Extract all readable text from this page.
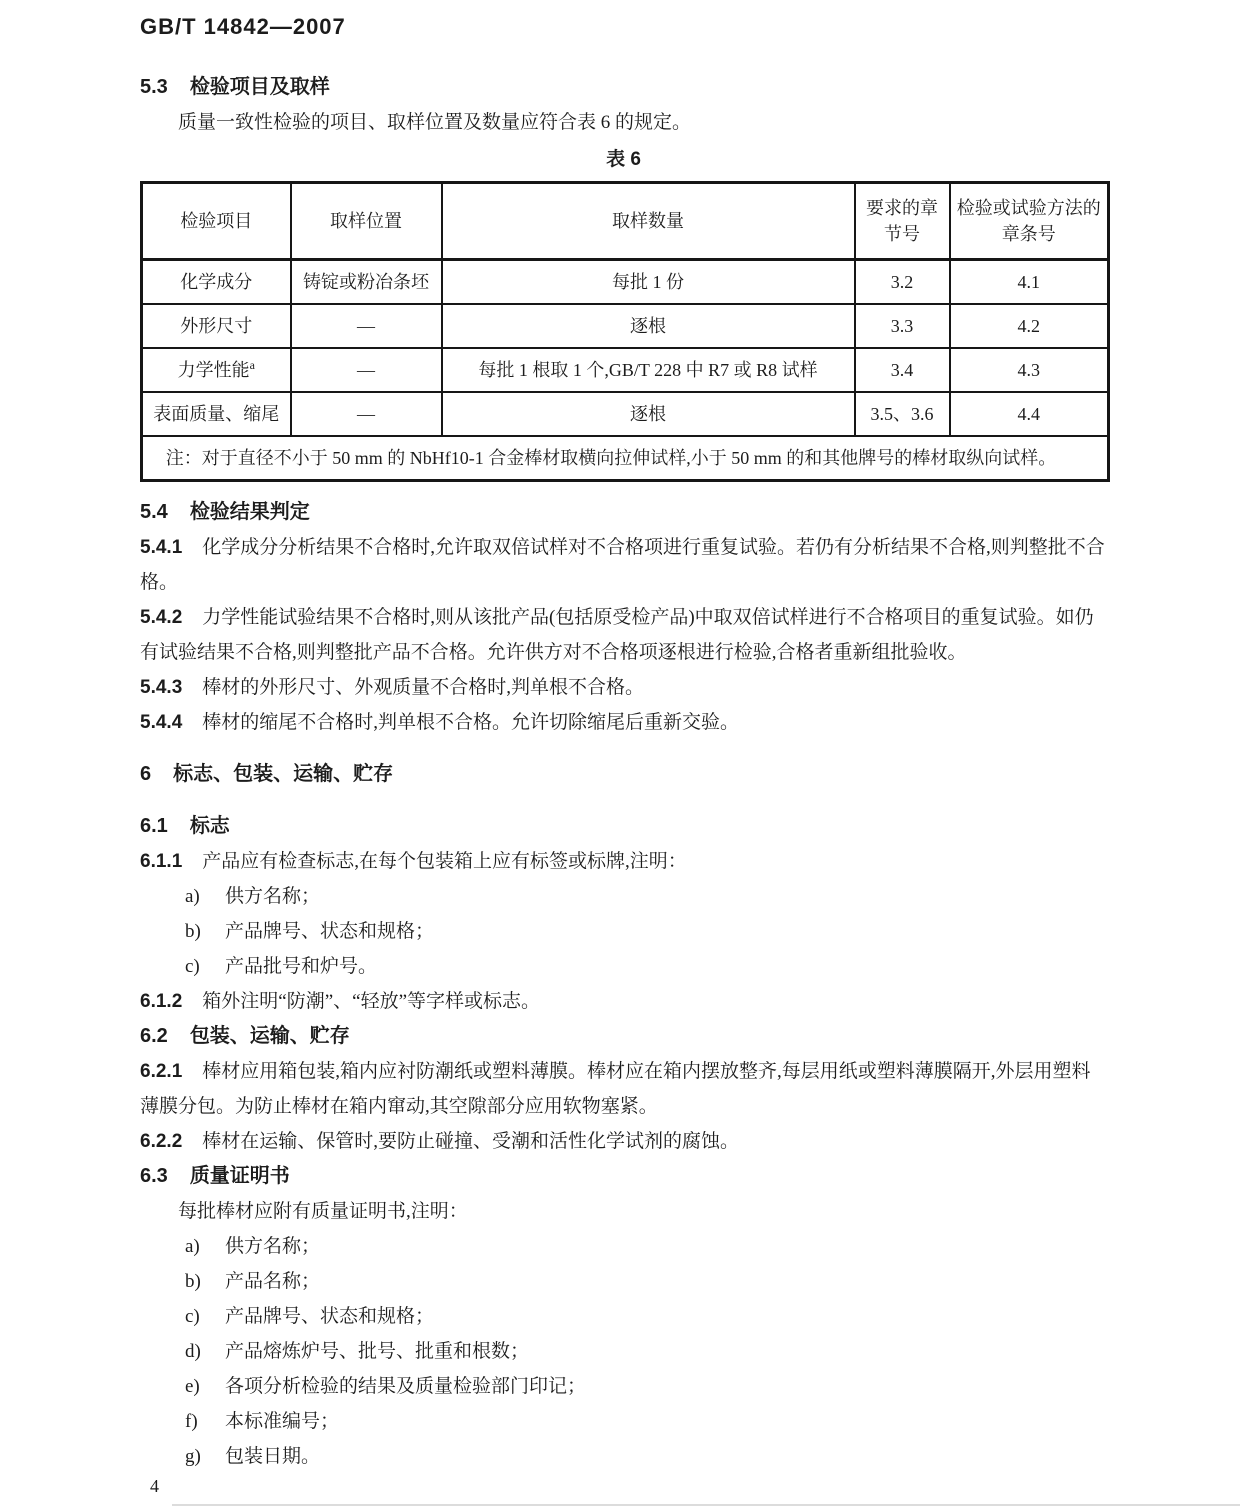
GB/T 14842—2007
5.3 检验项目及取样

质量一致性检验的项目、取样位置及数量应符合表 6 的规定。

表 6
检验项目	取样位置	取样数量	要求的章节号	检验或试验方法的章条号
化学成分	铸锭或粉冶条坯	每批 1 份	3.2	4.1
外形尺寸	—	逐根	3.3	4.2
力学性能$^a$	—	每批 1 根取 1 个,GB/T 228 中 R7 或 R8 试样	3.4	4.3
表面质量、缩尾	—	逐根	3.5、3.6	4.4
注：对于直径不小于 50 mm 的 NbHf10-1 合金棒材取横向拉伸试样,小于 50 mm 的和其他牌号的棒材取纵向试样。				
5.4 检验结果判定

5.4.1 化学成分分析结果不合格时,允许取双倍试样对不合格项进行重复试验。若仍有分析结果不合格,则判整批不合格。

5.4.2 力学性能试验结果不合格时,则从该批产品(包括原受检产品)中取双倍试样进行不合格项目的重复试验。如仍有试验结果不合格,则判整批产品不合格。允许供方对不合格项逐根进行检验,合格者重新组批验收。

5.4.3 棒材的外形尺寸、外观质量不合格时,判单根不合格。

5.4.4 棒材的缩尾不合格时,判单根不合格。允许切除缩尾后重新交验。

6 标志、包装、运输、贮存
6.1 标志

6.1.1 产品应有检查标志,在每个包装箱上应有标签或标牌,注明：

a) 供方名称；
b) 产品牌号、状态和规格；
c) 产品批号和炉号。

6.1.2 箱外注明“防潮”、“轻放”等字样或标志。

6.2 包装、运输、贮存

6.2.1 棒材应用箱包装,箱内应衬防潮纸或塑料薄膜。棒材应在箱内摆放整齐,每层用纸或塑料薄膜隔开,外层用塑料薄膜分包。为防止棒材在箱内窜动,其空隙部分应用软物塞紧。

6.2.2 棒材在运输、保管时,要防止碰撞、受潮和活性化学试剂的腐蚀。

6.3 质量证明书

每批棒材应附有质量证明书,注明：

a) 供方名称；
b) 产品名称；
c) 产品牌号、状态和规格；
d) 产品熔炼炉号、批号、批重和根数；
e) 各项分析检验的结果及质量检验部门印记；
f) 本标准编号；
g) 包装日期。
4
